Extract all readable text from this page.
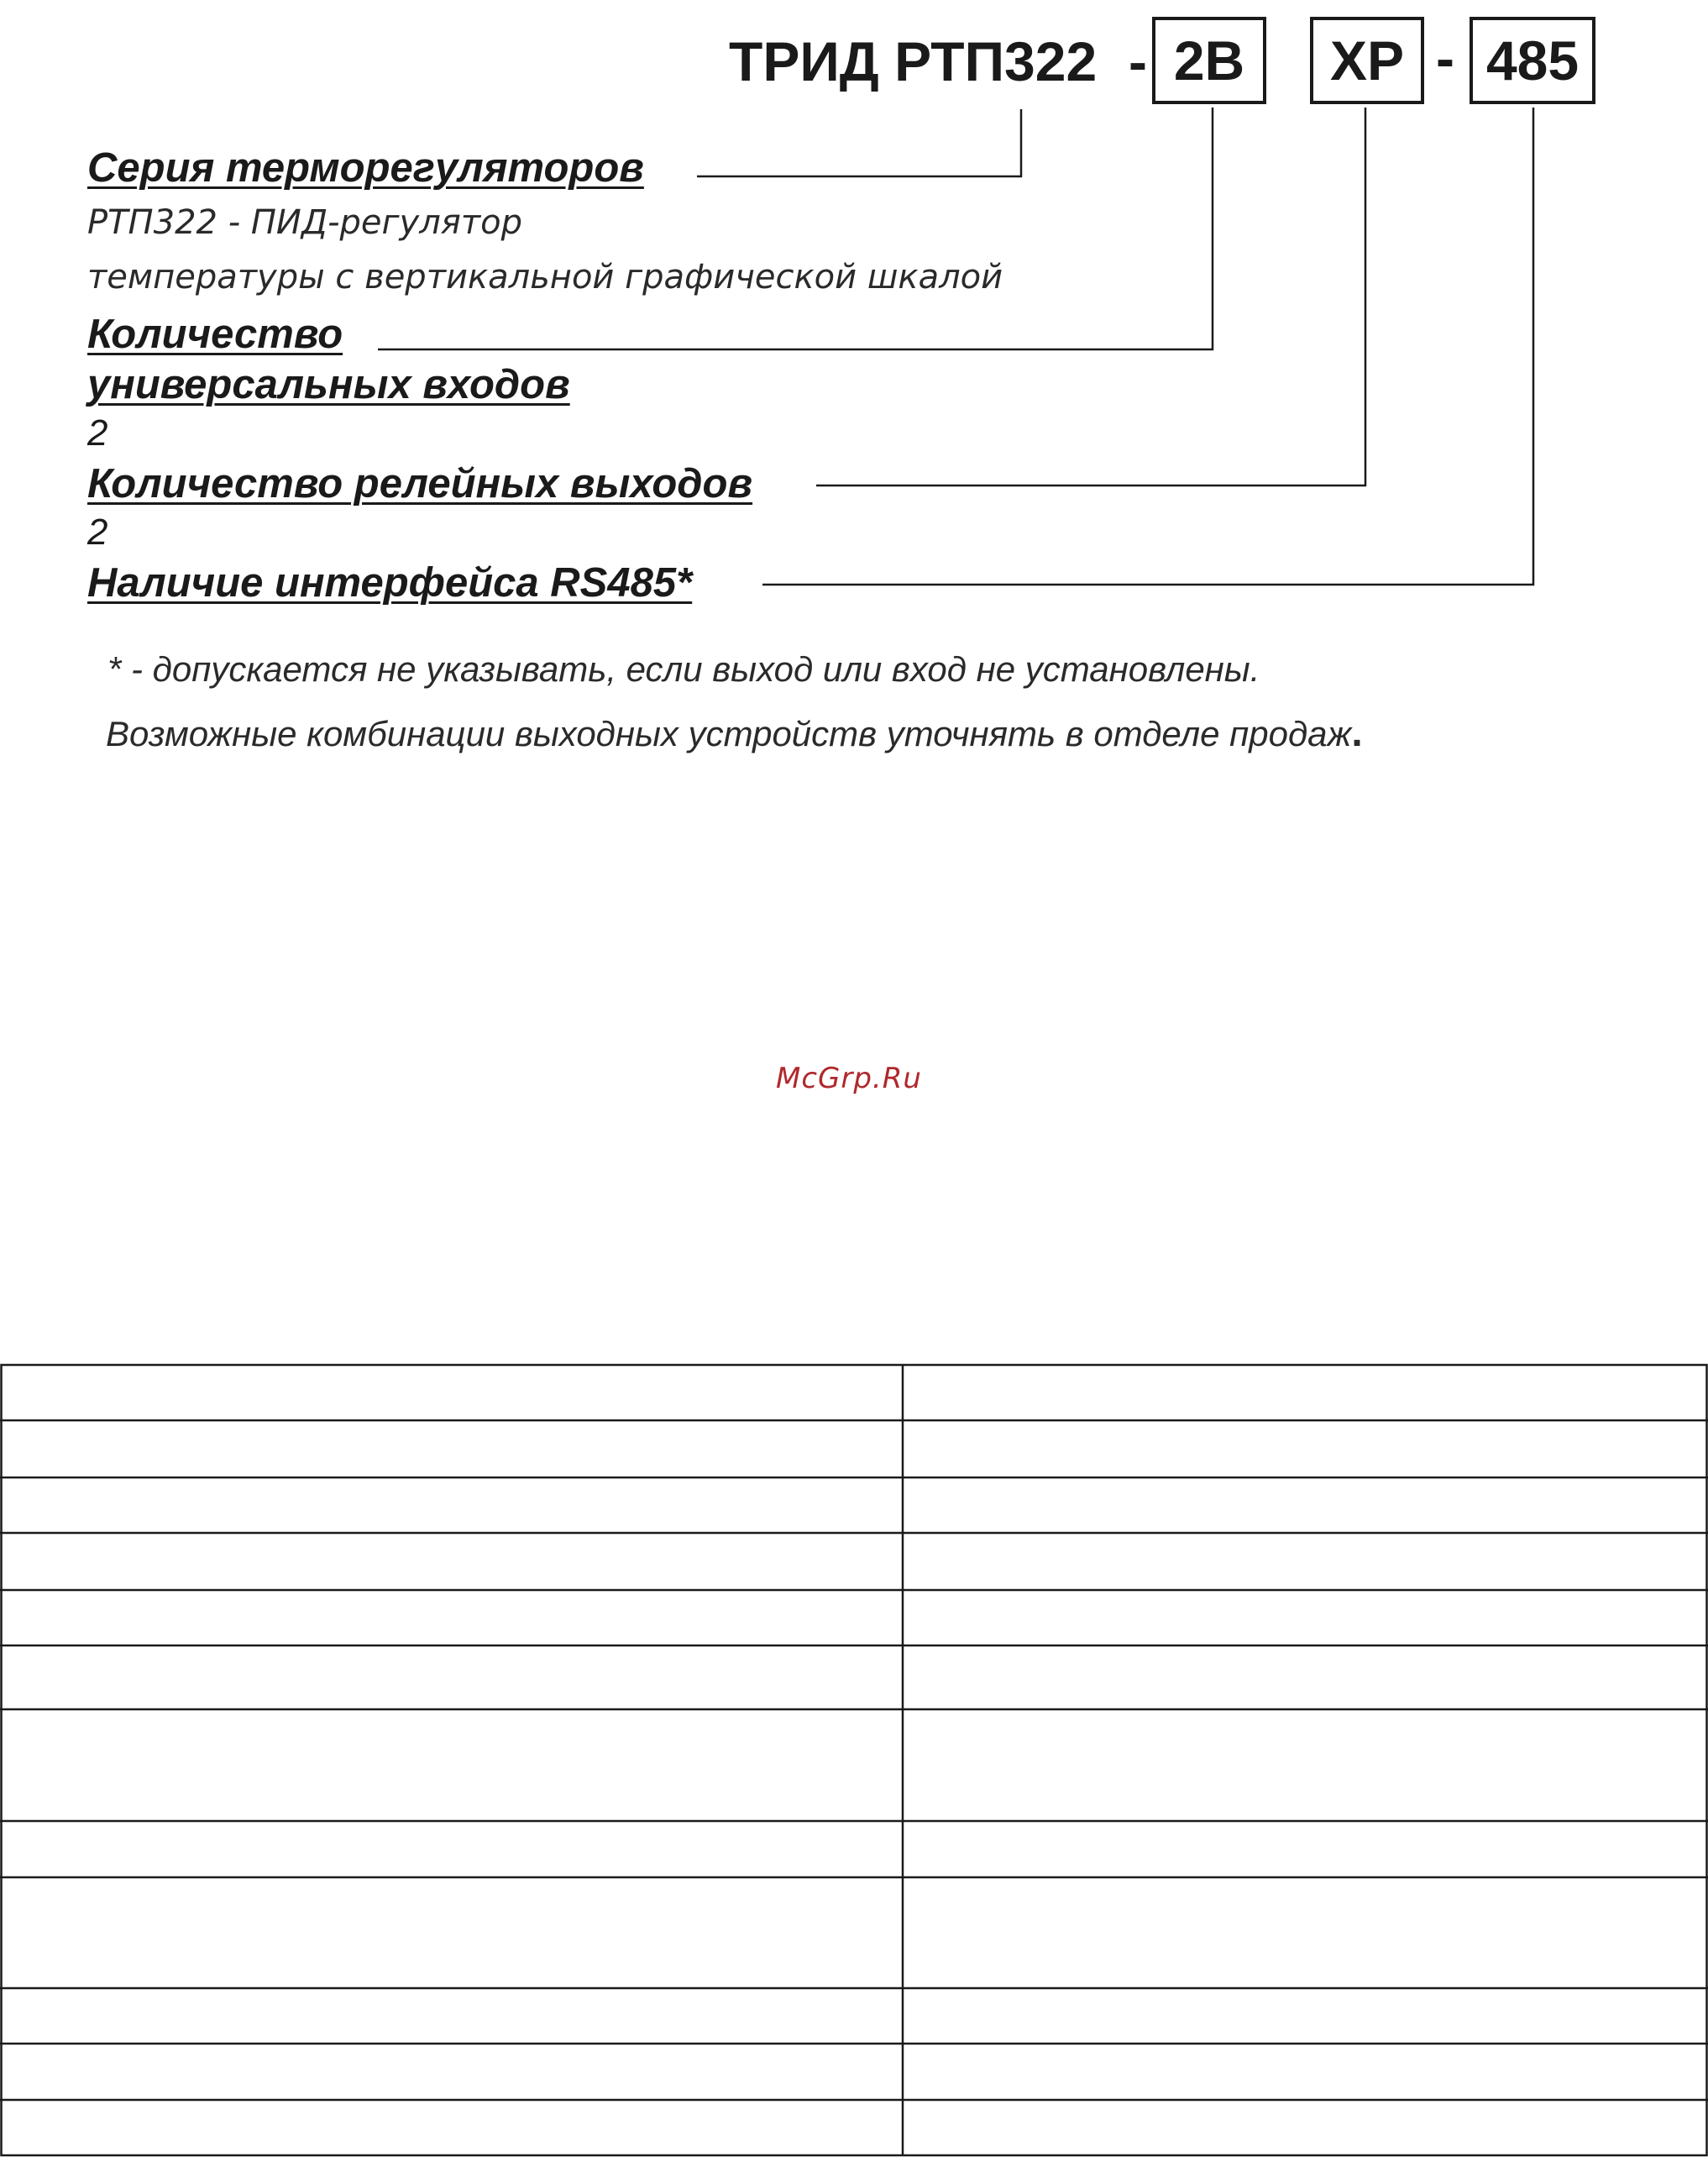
ТРИД РТП322 - 2В	ХР - 485
Серия терморегуляторов
РТП322 - ПИД-регулятор
температуры с вертикальной графической шкалой
Количество
универсальных входов
2
Количество релейных выходов
2
Наличие интерфейса RS485*
* - допускается не указывать, если выход или вход не установлены.
Возможные комбинации выходных устройств уточнять в отделе продаж.
McGrp.Ru
